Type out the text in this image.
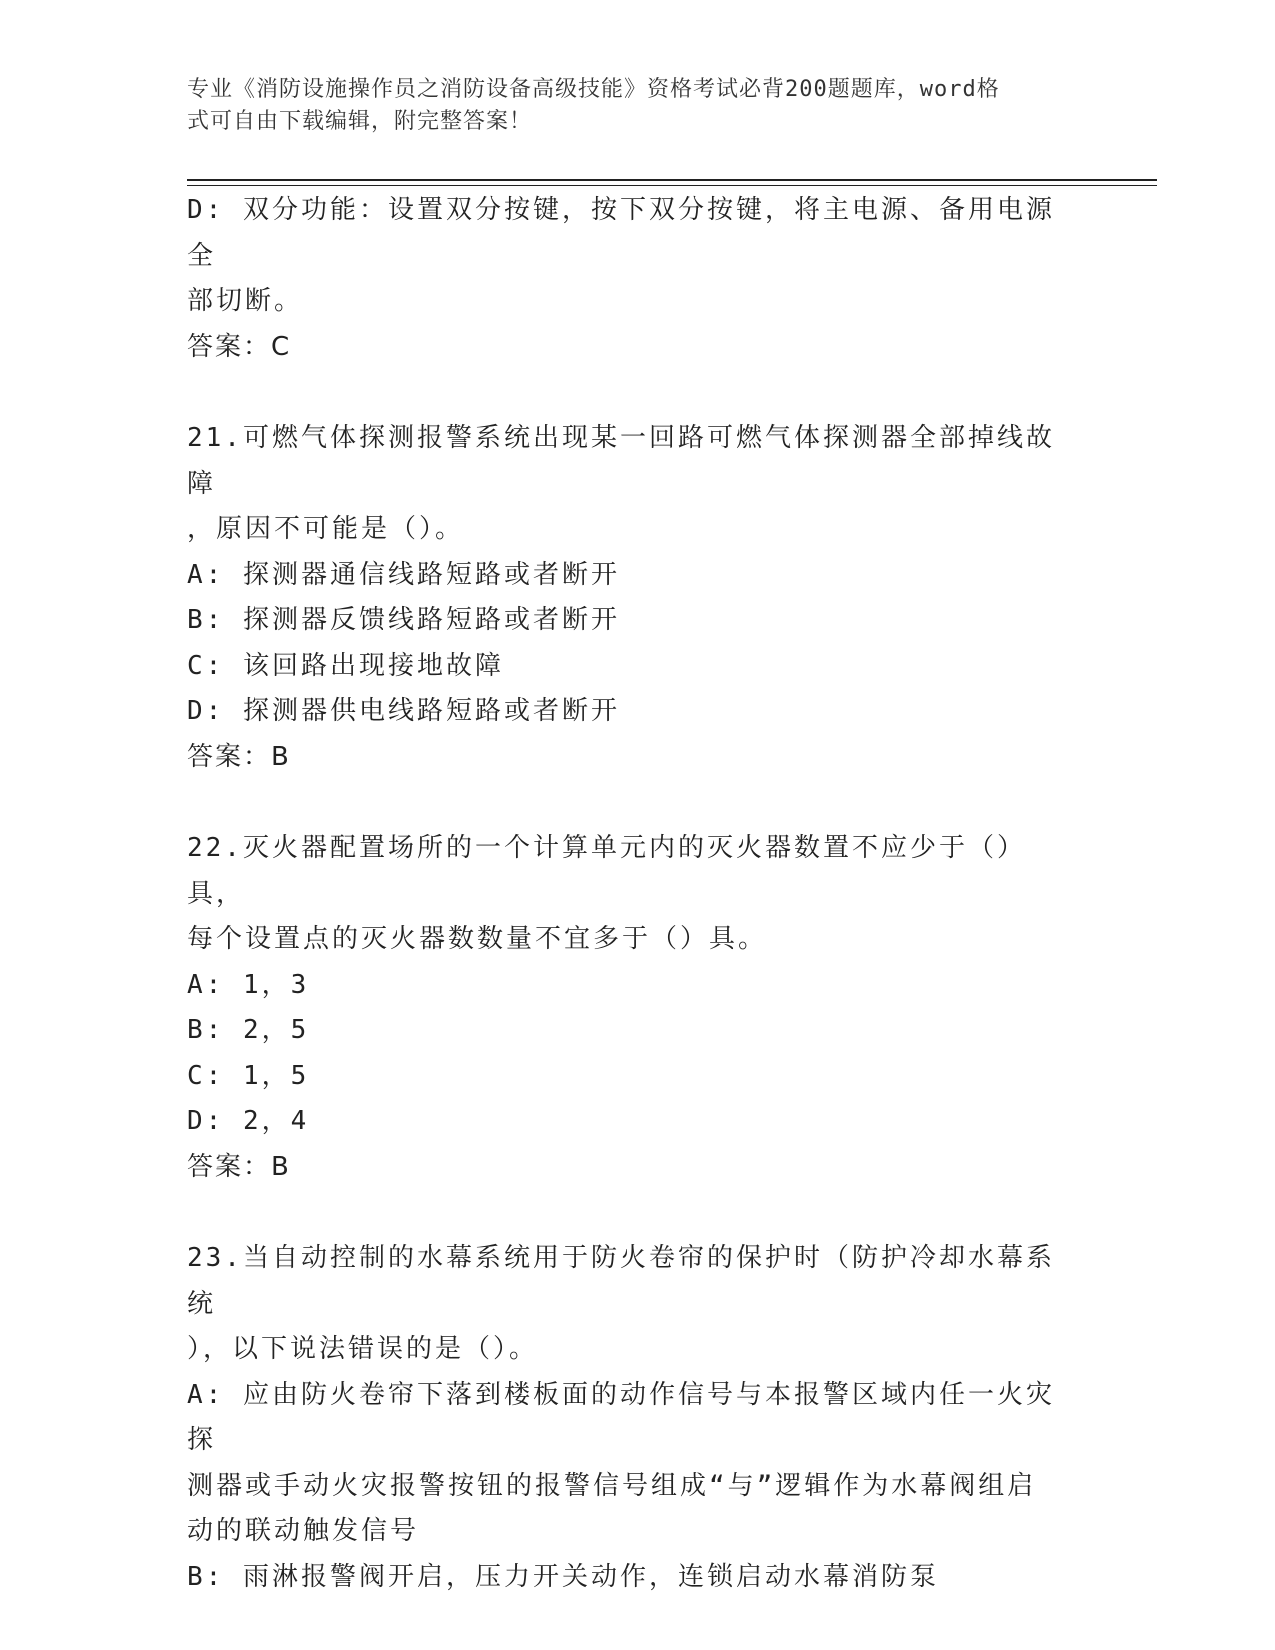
专业《消防设施操作员之消防设备高级技能》资格考试必背200题题库，word格
式可自由下载编辑，附完整答案！
D: 双分功能：设置双分按键，按下双分按键，将主电源、备用电源全
部切断。
答案：C
21.可燃气体探测报警系统出现某一回路可燃气体探测器全部掉线故障
，原因不可能是（）。
A: 探测器通信线路短路或者断开
B: 探测器反馈线路短路或者断开
C: 该回路出现接地故障
D: 探测器供电线路短路或者断开
答案：B
22.灭火器配置场所的一个计算单元内的灭火器数置不应少于（）具，
每个设置点的灭火器数数量不宜多于（）具。
A: 1，3
B: 2，5
C: 1，5
D: 2，4
答案：B
23.当自动控制的水幕系统用于防火卷帘的保护时（防护冷却水幕系统
），以下说法错误的是（）。
A: 应由防火卷帘下落到楼板面的动作信号与本报警区域内任一火灾探
测器或手动火灾报警按钮的报警信号组成“与”逻辑作为水幕阀组启
动的联动触发信号
B: 雨淋报警阀开启，压力开关动作，连锁启动水幕消防泵
